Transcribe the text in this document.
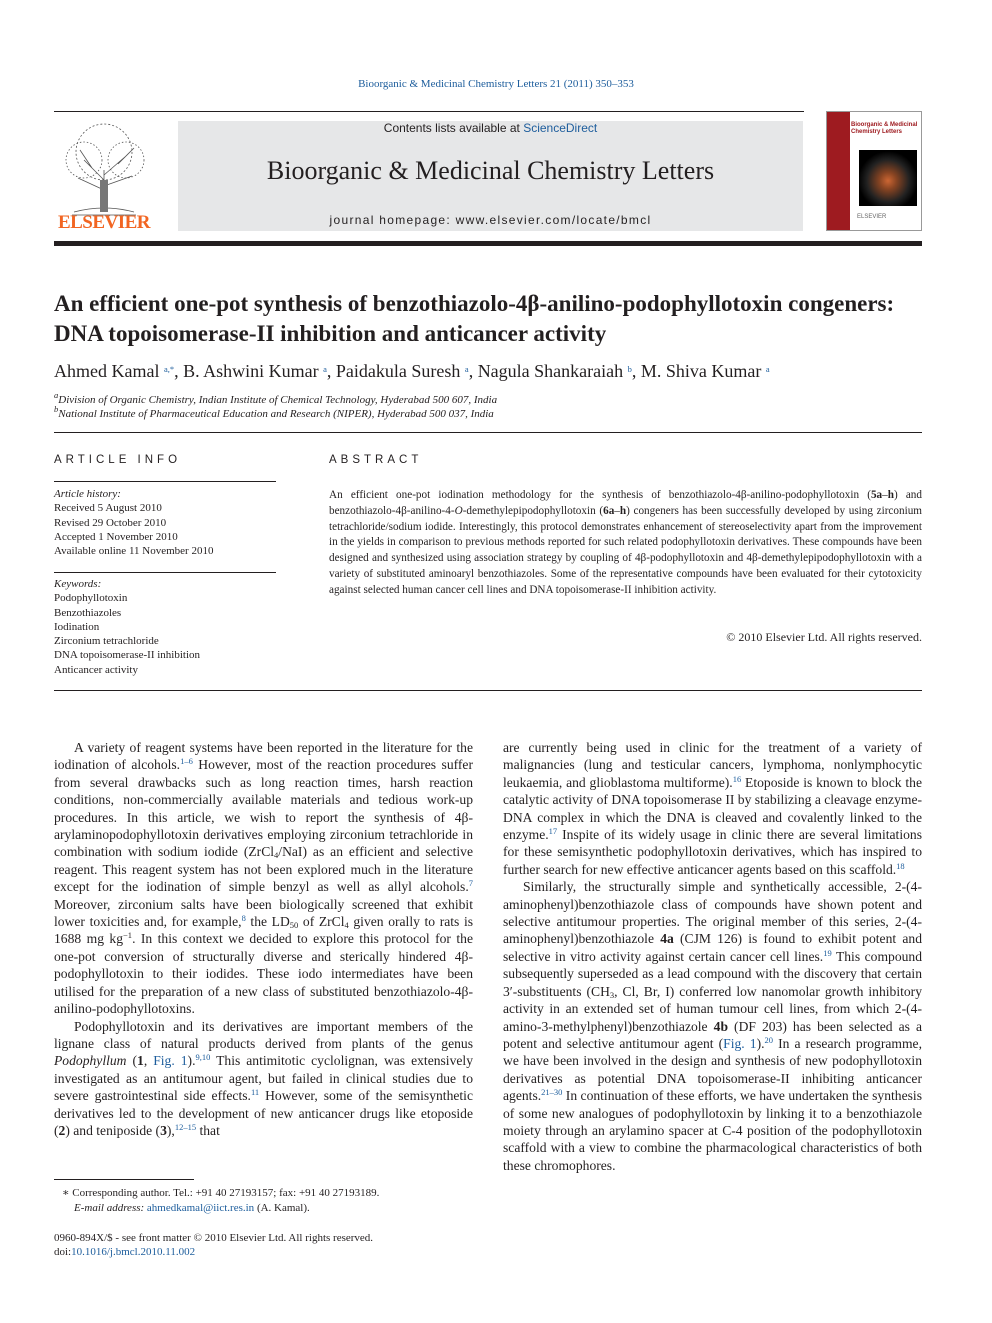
Bioorganic & Medicinal Chemistry Letters 21 (2011) 350–353
ELSEVIER
Contents lists available at ScienceDirect
Bioorganic & Medicinal Chemistry Letters
journal homepage: www.elsevier.com/locate/bmcl
Bioorganic & Medicinal Chemistry Letters
ELSEVIER
An efficient one-pot synthesis of benzothiazolo-4β-anilino-podophyllotoxin congeners: DNA topoisomerase-II inhibition and anticancer activity
Ahmed Kamal $^{a,*}$, B. Ashwini Kumar $^a$, Paidakula Suresh $^a$, Nagula Shankaraiah $^b$, M. Shiva Kumar $^a$
$^a$Division of Organic Chemistry, Indian Institute of Chemical Technology, Hyderabad 500 607, India
$^b$National Institute of Pharmaceutical Education and Research (NIPER), Hyderabad 500 037, India
ARTICLE INFO
Article history:
Received 5 August 2010
Revised 29 October 2010
Accepted 1 November 2010
Available online 11 November 2010
Keywords:
Podophyllotoxin
Benzothiazoles
Iodination
Zirconium tetrachloride
DNA topoisomerase-II inhibition
Anticancer activity
ABSTRACT
An efficient one-pot iodination methodology for the synthesis of benzothiazolo-4β-anilino-podophyllotoxin (5a–h) and benzothiazolo-4β-anilino-4-O-demethylepipodophyllotoxin (6a–h) congeners has been successfully developed by using zirconium tetrachloride/sodium iodide. Interestingly, this protocol demonstrates enhancement of stereoselectivity apart from the improvement in the yields in comparison to previous methods reported for such related podophyllotoxin derivatives. These compounds have been designed and synthesized using association strategy by coupling of 4β-podophyllotoxin and 4β-demethylepipodophyllotoxin with a variety of substituted aminoaryl benzothiazoles. Some of the representative compounds have been evaluated for their cytotoxicity against selected human cancer cell lines and DNA topoisomerase-II inhibition activity.
© 2010 Elsevier Ltd. All rights reserved.

A variety of reagent systems have been reported in the literature for the iodination of alcohols.$^{1-6}$ However, most of the reaction procedures suffer from several drawbacks such as long reaction times, harsh reaction conditions, non-commercially available materials and tedious work-up procedures. In this article, we wish to report the synthesis of 4β-arylaminopodophyllotoxin derivatives employing zirconium tetrachloride in combination with sodium iodide (ZrCl$_4$/NaI) as an efficient and selective reagent. This reagent system has not been explored much in the literature except for the iodination of simple benzyl as well as allyl alcohols.$^7$ Moreover, zirconium salts have been biologically screened that exhibit lower toxicities and, for example,$^8$ the $LD_{50}$ of ZrCl$_4$ given orally to rats is 1688 mg $kg^{-1}$. In this context we decided to explore this protocol for the one-pot conversion of structurally diverse and sterically hindered 4β-podophyllotoxin to their iodides. These iodo intermediates have been utilised for the preparation of a new class of substituted benzothiazolo-4β-anilino-podophyllotoxins.

Podophyllotoxin and its derivatives are important members of the lignane class of natural products derived from plants of the genus Podophyllum (1, Fig. 1).$^{9,10}$ This antimitotic cyclolignan, was extensively investigated as an antitumour agent, but failed in clinical studies due to severe gastrointestinal side effects.$^{11}$ However, some of the semisynthetic derivatives led to the development of new anticancer drugs like etoposide (2) and teniposide (3),$^{12-15}$ that

are currently being used in clinic for the treatment of a variety of malignancies (lung and testicular cancers, lymphoma, nonlymphocytic leukaemia, and glioblastoma multiforme).$^{16}$ Etoposide is known to block the catalytic activity of DNA topoisomerase II by stabilizing a cleavage enzyme-DNA complex in which the DNA is cleaved and covalently linked to the enzyme.$^{17}$ Inspite of its widely usage in clinic there are several limitations for these semisynthetic podophyllotoxin derivatives, which has inspired to further search for new effective anticancer agents based on this scaffold.$^{18}$

Similarly, the structurally simple and synthetically accessible, 2-(4-aminophenyl)benzothiazole class of compounds have shown potent and selective antitumour properties. The original member of this series, 2-(4-aminophenyl)benzothiazole 4a (CJM 126) is found to exhibit potent and selective in vitro activity against certain cancer cell lines.$^{19}$ This compound subsequently superseded as a lead compound with the discovery that certain 3′-substituents ($CH_3$, Cl, Br, I) conferred low nanomolar growth inhibitory activity in an extended set of human tumour cell lines, from which 2-(4-amino-3-methylphenyl)benzothiazole 4b (DF 203) has been selected as a potent and selective antitumour agent (Fig. 1).$^{20}$ In a research programme, we have been involved in the design and synthesis of new podophyllotoxin derivatives as potential DNA topoisomerase-II inhibiting anticancer agents.$^{21-30}$ In continuation of these efforts, we have undertaken the synthesis of some new analogues of podophyllotoxin by linking it to a benzothiazole moiety through an arylamino spacer at C-4 position of the podophyllotoxin scaffold with a view to combine the pharmacological characteristics of both these chromophores.

∗ Corresponding author. Tel.: +91 40 27193157; fax: +91 40 27193189.
E-mail address: ahmedkamal@iict.res.in (A. Kamal).
0960-894X/$ - see front matter © 2010 Elsevier Ltd. All rights reserved.
doi:10.1016/j.bmcl.2010.11.002
